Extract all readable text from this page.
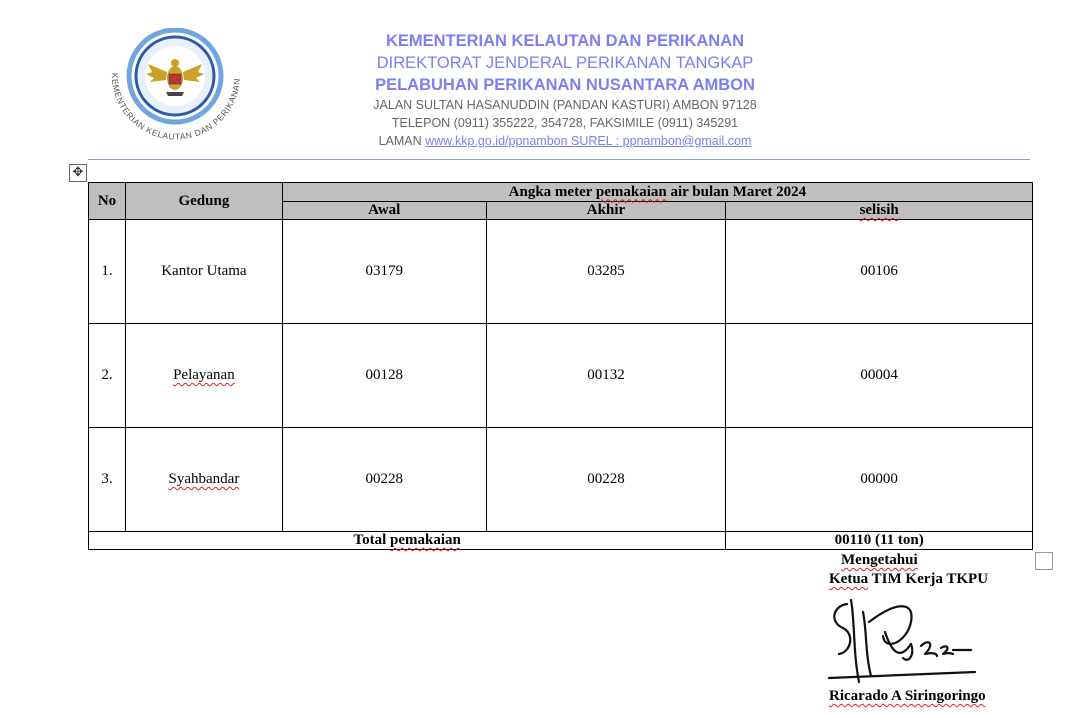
KEMENTERIAN KELAUTAN DAN PERIKANAN
KEMENTERIAN KELAUTAN DAN PERIKANAN
DIREKTORAT JENDERAL PERIKANAN TANGKAP
PELABUHAN PERIKANAN NUSANTARA AMBON
JALAN SULTAN HASANUDDIN (PANDAN KASTURI) AMBON 97128
TELEPON (0911) 355222, 354728, FAKSIMILE (0911) 345291
LAMAN www.kkp.go.id/ppnambon SUREL : ppnambon@gmail.com
✥
No	Gedung	Angka meter pemakaian air bulan Maret 2024		
		Awal	Akhir	selisih
1.	Kantor Utama	03179	03285	00106
2.	Pelayanan	00128	00132	00004
3.	Syahbandar	00228	00228	00000
Total pemakaian				00110 (11 ton)
Mengetahui
Ketua TIM Kerja TKPU
Ricarado A Siringoringo
